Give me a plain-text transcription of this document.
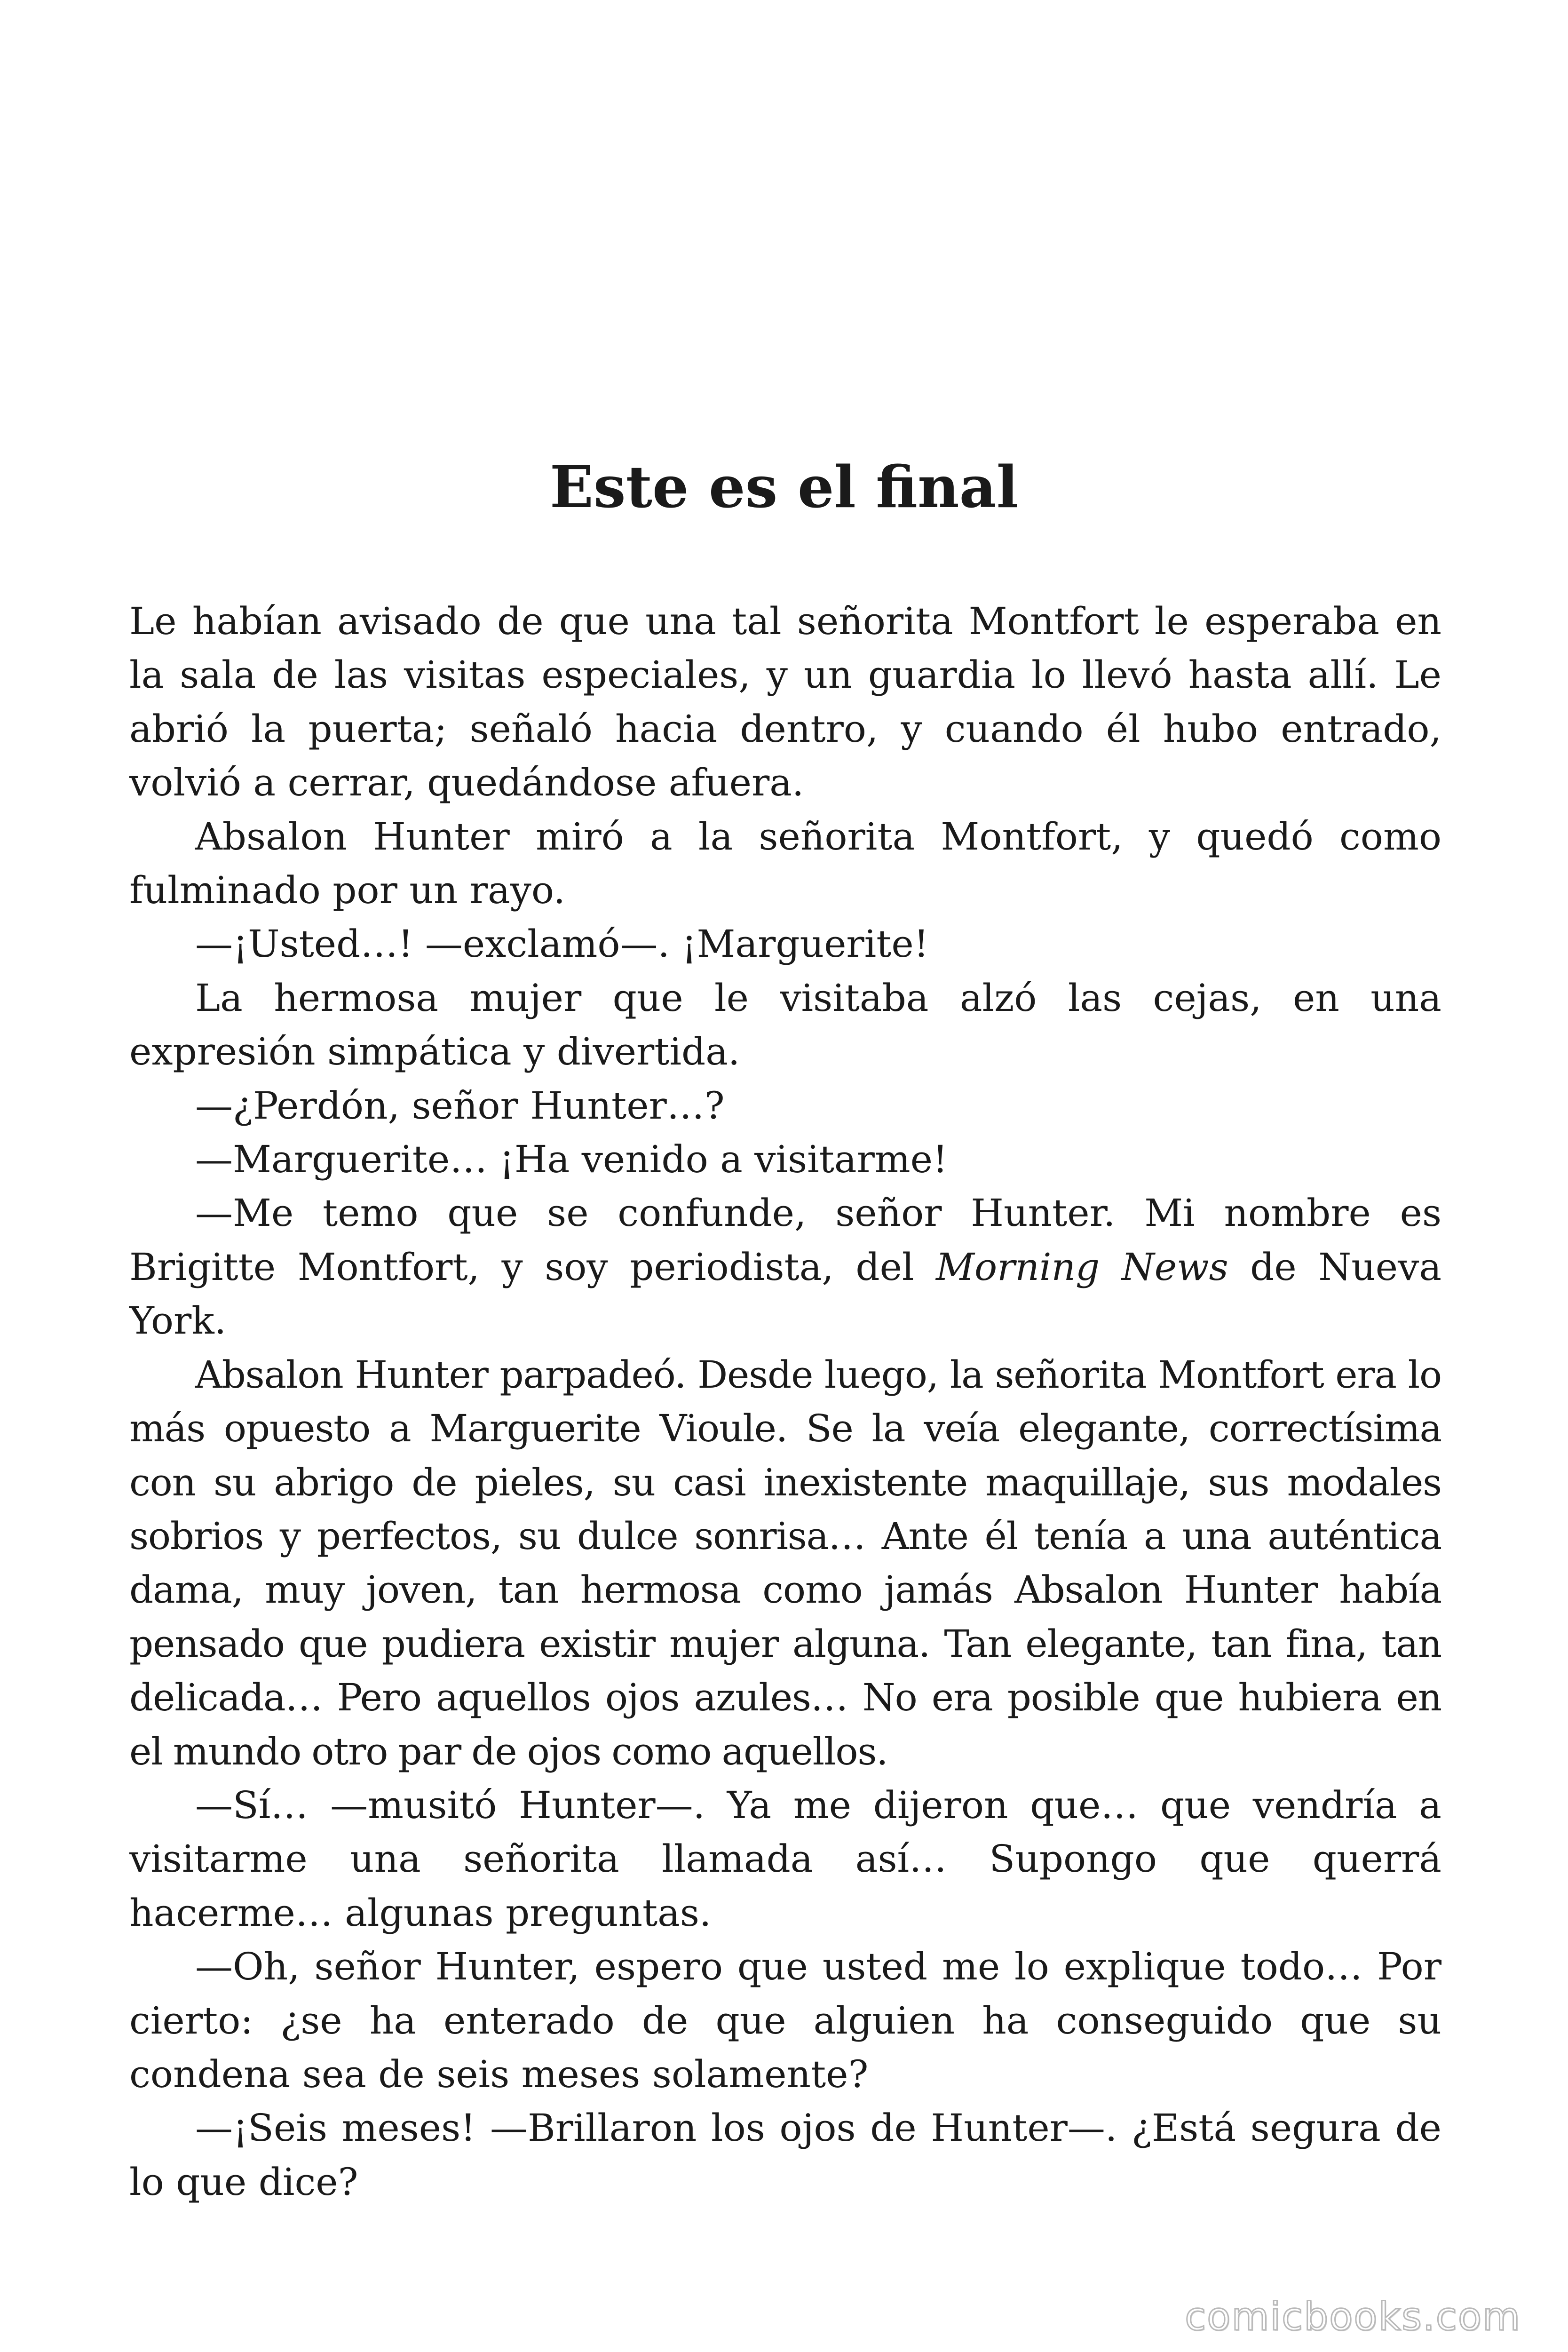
Este es el final

Le habían avisado de que una tal señorita Montfort le esperaba en la sala de las visitas especiales, y un guardia lo llevó hasta allí. Le abrió la puerta; señaló hacia dentro, y cuando él hubo entrado, volvió a cerrar, quedándose afuera.

Absalon Hunter miró a la señorita Montfort, y quedó como fulminado por un rayo.

—¡Usted…! —exclamó—. ¡Marguerite!

La hermosa mujer que le visitaba alzó las cejas, en una expresión simpática y divertida.

—¿Perdón, señor Hunter…?

—Marguerite… ¡Ha venido a visitarme!

—Me temo que se confunde, señor Hunter. Mi nombre es Brigitte Montfort, y soy periodista, del Morning News de Nueva York.

Absalon Hunter parpadeó. Desde luego, la señorita Montfort era lo más opuesto a Marguerite Vioule. Se la veía elegante, correctísima con su abrigo de pieles, su casi inexistente maquillaje, sus modales sobrios y perfectos, su dulce sonrisa… Ante él tenía a una auténtica dama, muy joven, tan hermosa como jamás Absalon Hunter había pensado que pudiera existir mujer alguna. Tan elegante, tan fina, tan delicada… Pero aquellos ojos azules… No era posible que hubiera en el mundo otro par de ojos como aquellos.

—Sí… —musitó Hunter—. Ya me dijeron que… que vendría a visitarme una señorita llamada así… Supongo que querrá hacerme… algunas preguntas.

—Oh, señor Hunter, espero que usted me lo explique todo… Por cierto: ¿se ha enterado de que alguien ha conseguido que su condena sea de seis meses solamente?

—¡Seis meses! —Brillaron los ojos de Hunter—. ¿Está segura de lo que dice?

comicbooks.com
